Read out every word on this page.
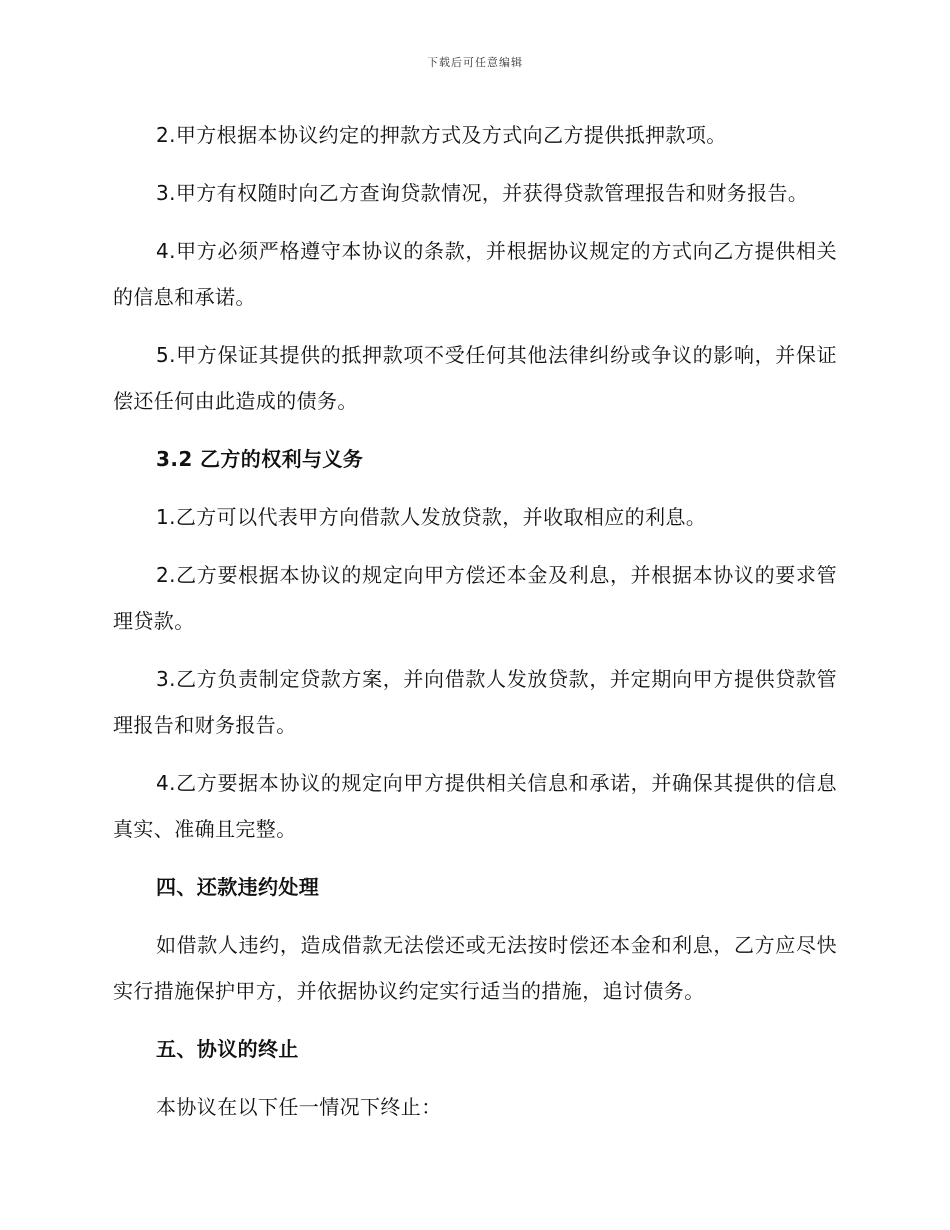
下载后可任意编辑

2.甲方根据本协议约定的押款方式及方式向乙方提供抵押款项。

3.甲方有权随时向乙方查询贷款情况，并获得贷款管理报告和财务报告。

4.甲方必须严格遵守本协议的条款，并根据协议规定的方式向乙方提供相关的信息和承诺。

5.甲方保证其提供的抵押款项不受任何其他法律纠纷或争议的影响，并保证偿还任何由此造成的债务。

3.2 乙方的权利与义务

1.乙方可以代表甲方向借款人发放贷款，并收取相应的利息。

2.乙方要根据本协议的规定向甲方偿还本金及利息，并根据本协议的要求管理贷款。

3.乙方负责制定贷款方案，并向借款人发放贷款，并定期向甲方提供贷款管理报告和财务报告。

4.乙方要据本协议的规定向甲方提供相关信息和承诺，并确保其提供的信息真实、准确且完整。

四、还款违约处理

如借款人违约，造成借款无法偿还或无法按时偿还本金和利息，乙方应尽快实行措施保护甲方，并依据协议约定实行适当的措施，追讨债务。

五、协议的终止

本协议在以下任一情况下终止：
